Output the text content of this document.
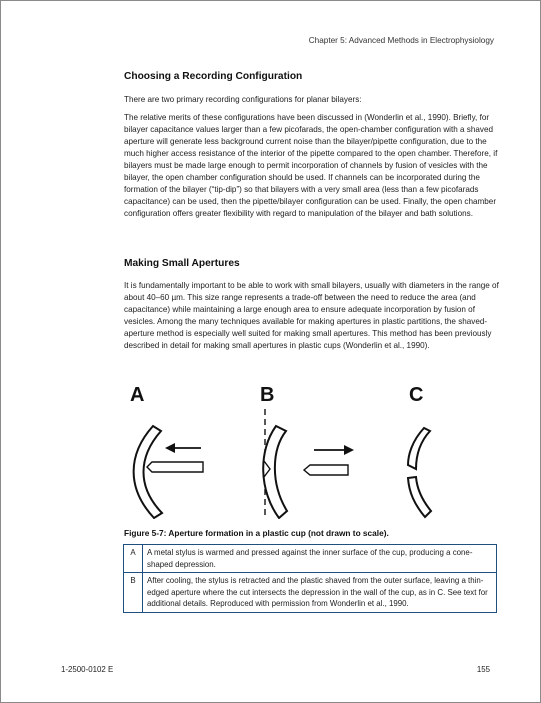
Chapter 5: Advanced Methods in Electrophysiology
Choosing a Recording Configuration

There are two primary recording configurations for planar bilayers:

The relative merits of these configurations have been discussed in (Wonderlin et al., 1990). Briefly, for bilayer capacitance values larger than a few picofarads, the open-chamber configuration with a shaved aperture will generate less background current noise than the bilayer/pipette configuration, due to the much higher access resistance of the interior of the pipette compared to the open chamber. Therefore, if bilayers must be made large enough to permit incorporation of channels by fusion of vesicles with the bilayer, the open chamber configuration should be used. If channels can be incorporated during the formation of the bilayer (“tip-dip”) so that bilayers with a very small area (less than a few picofarads capacitance) can be used, then the pipette/bilayer configuration can be used. Finally, the open chamber configuration offers greater flexibility with regard to manipulation of the bilayer and bath solutions.

Making Small Apertures

It is fundamentally important to be able to work with small bilayers, usually with diameters in the range of about 40–60 µm. This size range represents a trade-off between the need to reduce the area (and capacitance) while maintaining a large enough area to ensure adequate incorporation by fusion of vesicles. Among the many techniques available for making apertures in plastic partitions, the shaved-aperture method is especially well suited for making small apertures. This method has been previously described in detail for making small apertures in plastic cups (Wonderlin et al., 1990).

A	B	C
Figure 5-7: Aperture formation in a plastic cup (not drawn to scale).
A	A metal stylus is warmed and pressed against the inner surface of the cup, producing a cone-shaped depression.
B	After cooling, the stylus is retracted and the plastic shaved from the outer surface, leaving a thin-edged aperture where the cut intersects the depression in the wall of the cup, as in C. See text for additional details. Reproduced with permission from Wonderlin et al., 1990.
1-2500-0102 E	155
